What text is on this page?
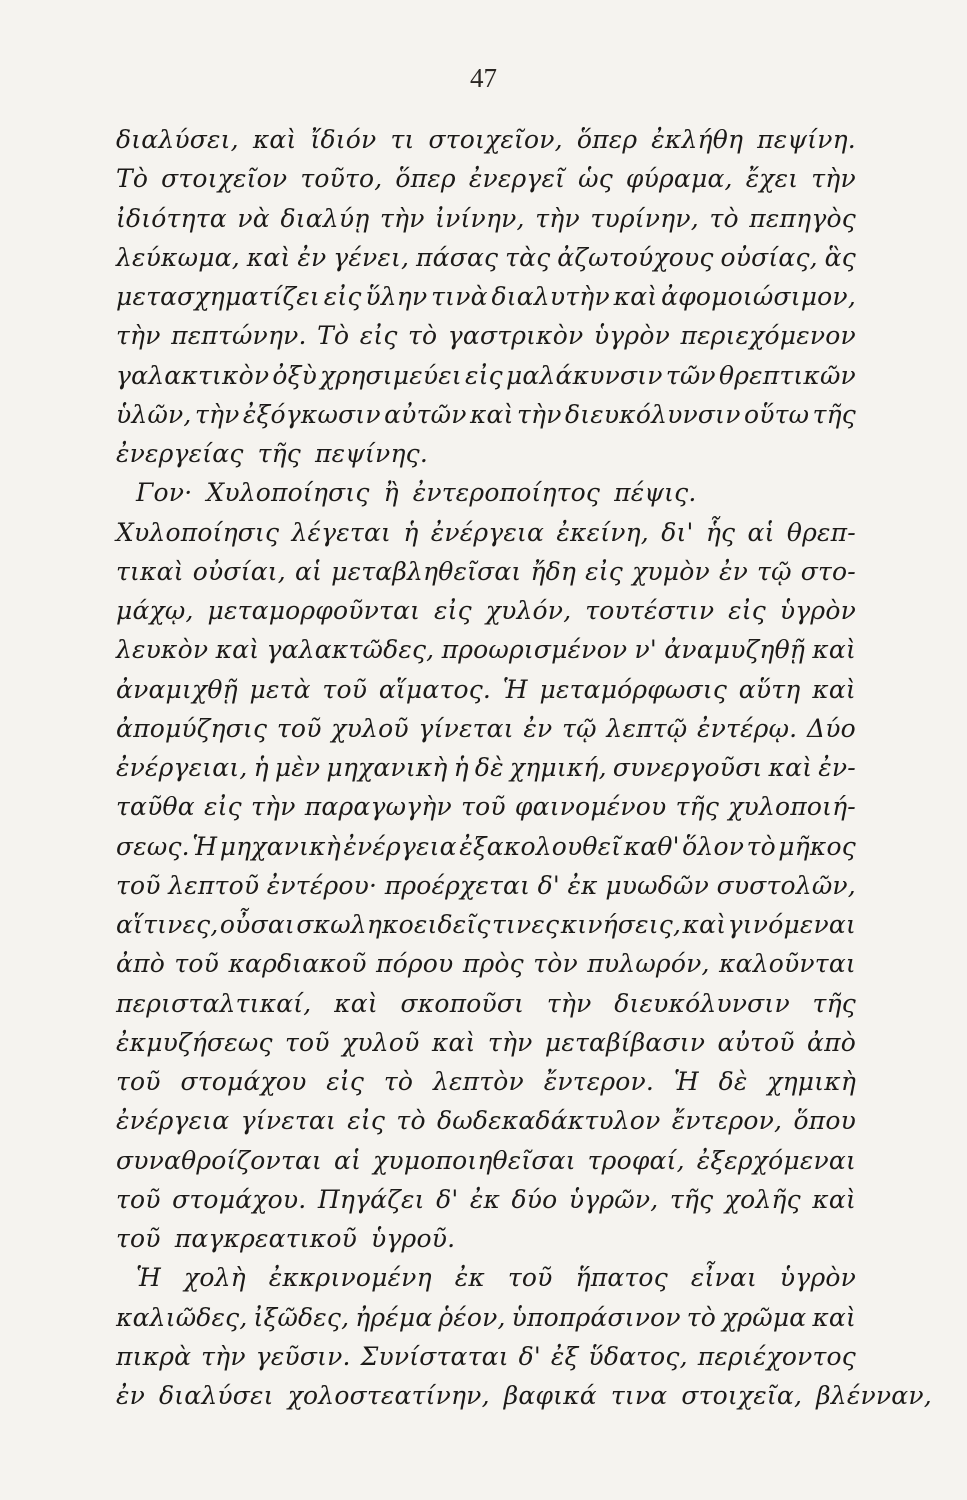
47
διαλύσει, καὶ ἴδιόν τι στοιχεῖον, ὅπερ ἐκλήθη πεψίνη.
Τὸ στοιχεῖον τοῦτο, ὅπερ ἐνεργεῖ ὡς φύραμα, ἔχει τὴν
ἰδιότητα νὰ διαλύῃ τὴν ἰνίνην, τὴν τυρίνην, τὸ πεπηγὸς
λεύκωμα, καὶ ἐν γένει, πάσας τὰς ἀζωτούχους οὐσίας, ἃς
μετασχηματίζει εἰς ὕλην τινὰ διαλυτὴν καὶ ἀφομοιώσιμον,
τὴν πεπτώνην. Τὸ εἰς τὸ γαστρικὸν ὑγρὸν περιεχόμενον
γαλακτικὸν ὀξὺ χρησιμεύει εἰς μαλάκυνσιν τῶν θρεπτικῶν
ὑλῶν, τὴν ἐξόγκωσιν αὐτῶν καὶ τὴν διευκόλυνσιν οὕτω τῆς
ἐνεργείας τῆς πεψίνης.
Γον· Χυλοποίησις ἢ ἐντεροποίητος πέψις.
Χυλοποίησις λέγεται ἡ ἐνέργεια ἐκείνη, δι' ἧς αἱ θρεπ-
τικαὶ οὐσίαι, αἱ μεταβληθεῖσαι ἤδη εἰς χυμὸν ἐν τῷ στο-
μάχῳ, μεταμορφοῦνται εἰς χυλόν, τουτέστιν εἰς ὑγρὸν
λευκὸν καὶ γαλακτῶδες, προωρισμένον ν' ἀναμυζηθῇ καὶ
ἀναμιχθῇ μετὰ τοῦ αἵματος. Ἡ μεταμόρφωσις αὕτη καὶ
ἀπομύζησις τοῦ χυλοῦ γίνεται ἐν τῷ λεπτῷ ἐντέρῳ. Δύο
ἐνέργειαι, ἡ μὲν μηχανικὴ ἡ δὲ χημική, συνεργοῦσι καὶ ἐν-
ταῦθα εἰς τὴν παραγωγὴν τοῦ φαινομένου τῆς χυλοποιή-
σεως. Ἡ μηχανικὴ ἐνέργεια ἐξακολουθεῖ καθ' ὅλον τὸ μῆκος
τοῦ λεπτοῦ ἐντέρου· προέρχεται δ' ἐκ μυωδῶν συστολῶν,
αἵτινες, οὖσαι σκωληκοειδεῖς τινες κινήσεις, καὶ γινόμεναι
ἀπὸ τοῦ καρδιακοῦ πόρου πρὸς τὸν πυλωρόν, καλοῦνται
περισταλτικαί, καὶ σκοποῦσι τὴν διευκόλυνσιν τῆς
ἐκμυζήσεως τοῦ χυλοῦ καὶ τὴν μεταβίβασιν αὐτοῦ ἀπὸ
τοῦ στομάχου εἰς τὸ λεπτὸν ἔντερον. Ἡ δὲ χημικὴ
ἐνέργεια γίνεται εἰς τὸ δωδεκαδάκτυλον ἔντερον, ὅπου
συναθροίζονται αἱ χυμοποιηθεῖσαι τροφαί, ἐξερχόμεναι
τοῦ στομάχου. Πηγάζει δ' ἐκ δύο ὑγρῶν, τῆς χολῆς καὶ
τοῦ παγκρεατικοῦ ὑγροῦ.
Ἡ χολὴ ἐκκρινομένη ἐκ τοῦ ἥπατος εἶναι ὑγρὸν
καλιῶδες, ἰξῶδες, ἠρέμα ῥέον, ὑποπράσινον τὸ χρῶμα καὶ
πικρὰ τὴν γεῦσιν. Συνίσταται δ' ἐξ ὕδατος, περιέχοντος
ἐν διαλύσει χολοστεατίνην, βαφικά τινα στοιχεῖα, βλένναν,
